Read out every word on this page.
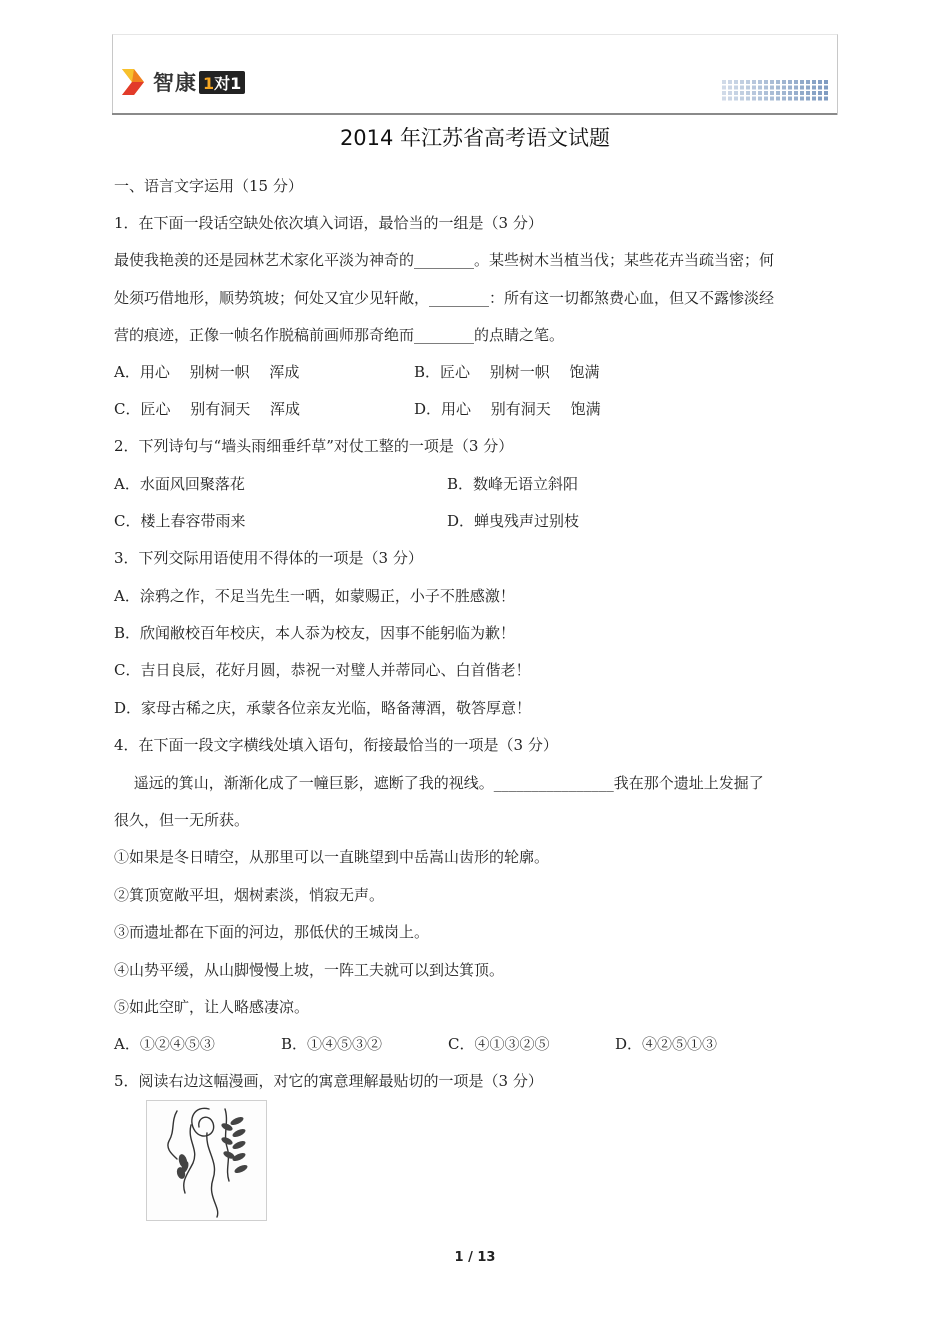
智康 1对1
2014 年江苏省高考语文试题
一、语言文字运用（15 分）
1．在下面一段话空缺处依次填入词语，最恰当的一组是（3 分）
最使我艳羡的还是园林艺术家化平淡为神奇的________。某些树木当植当伐；某些花卉当疏当密；何
处须巧借地形，顺势筑坡；何处又宜少见轩敞，________：所有这一切都煞费心血，但又不露惨淡经
营的痕迹，正像一帧名作脱稿前画师那奇绝而________的点睛之笔。
A．用心　 别树一帜　 浑成	B．匠心　 别树一帜　 饱满
C．匠心　 别有洞天　 浑成	D．用心　 别有洞天　 饱满
2．下列诗句与“墙头雨细垂纤草”对仗工整的一项是（3 分）
A．水面风回聚落花	B．数峰无语立斜阳
C．楼上春容带雨来	D．蝉曳残声过别枝
3．下列交际用语使用不得体的一项是（3 分）
A．涂鸦之作，不足当先生一哂，如蒙赐正，小子不胜感激！
B．欣闻敝校百年校庆，本人忝为校友，因事不能躬临为歉！
C．吉日良辰，花好月圆，恭祝一对璧人并蒂同心、白首偕老！
D．家母古稀之庆，承蒙各位亲友光临，略备薄酒，敬答厚意！
4．在下面一段文字横线处填入语句，衔接最恰当的一项是（3 分）
　 遥远的箕山，渐渐化成了一幢巨影，遮断了我的视线。________________我在那个遗址上发掘了
很久，但一无所获。
①如果是冬日晴空，从那里可以一直眺望到中岳嵩山齿形的轮廓。
②箕顶宽敞平坦，烟树素淡，悄寂无声。
③而遗址都在下面的河边，那低伏的王城岗上。
④山势平缓，从山脚慢慢上坡，一阵工夫就可以到达箕顶。
⑤如此空旷，让人略感凄凉。
A．①②④⑤③	B．①④⑤③②	C．④①③②⑤	D．④②⑤①③
5．阅读右边这幅漫画，对它的寓意理解最贴切的一项是（3 分）
1 / 13
